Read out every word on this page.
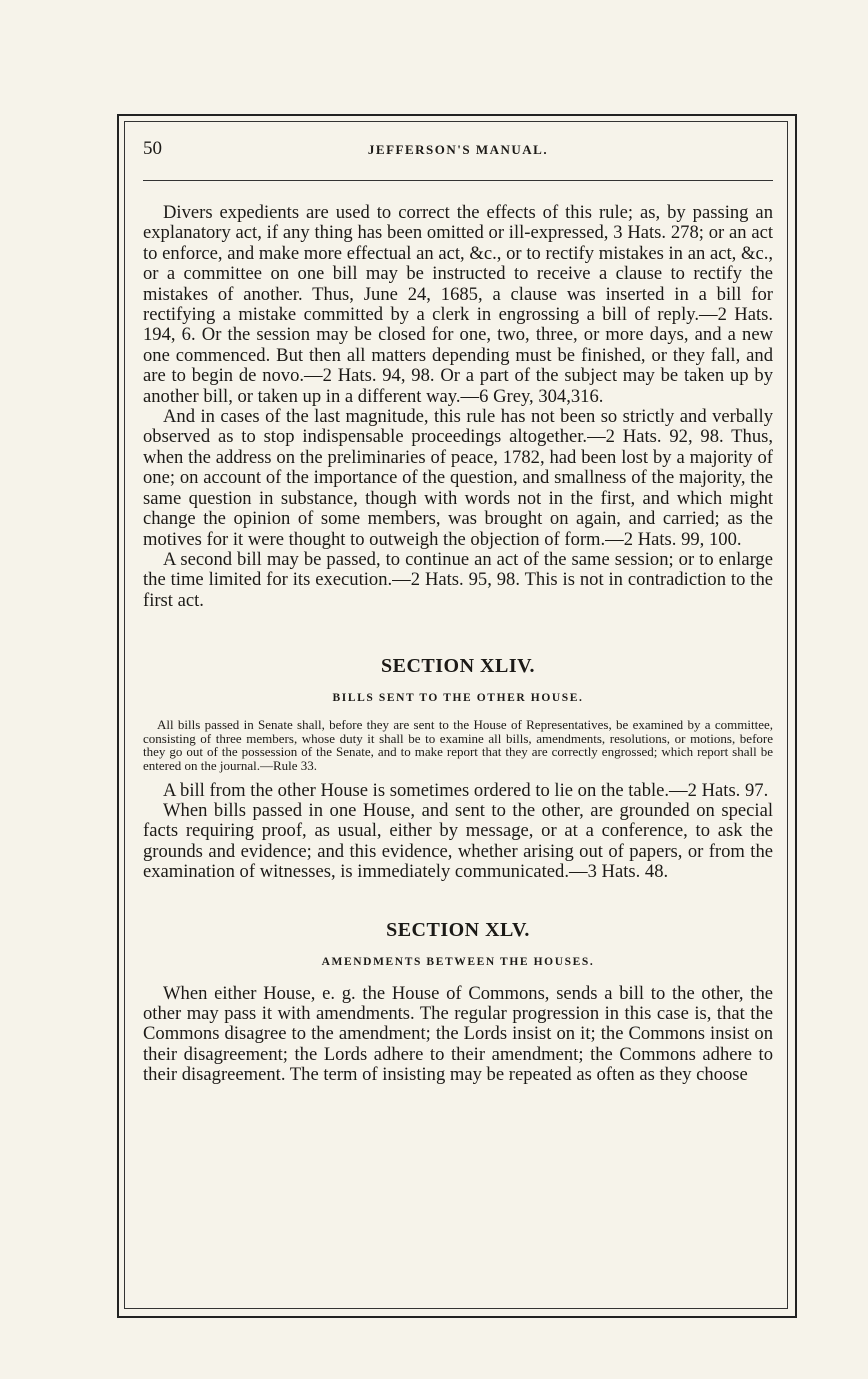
50	JEFFERSON'S MANUAL.

Divers expedients are used to correct the effects of this rule; as, by passing an explanatory act, if any thing has been omitted or ill-expressed, 3 Hats. 278; or an act to enforce, and make more effectual an act, &c., or to rectify mistakes in an act, &c., or a committee on one bill may be instructed to receive a clause to rectify the mistakes of another. Thus, June 24, 1685, a clause was inserted in a bill for rectifying a mistake committed by a clerk in engrossing a bill of reply.—2 Hats. 194, 6. Or the session may be closed for one, two, three, or more days, and a new one commenced. But then all matters depending must be finished, or they fall, and are to begin de novo.—2 Hats. 94, 98. Or a part of the subject may be taken up by another bill, or taken up in a different way.—6 Grey, 304,316.

And in cases of the last magnitude, this rule has not been so strictly and verbally observed as to stop indispensable proceedings altogether.—2 Hats. 92, 98. Thus, when the address on the preliminaries of peace, 1782, had been lost by a majority of one; on account of the importance of the question, and smallness of the majority, the same question in substance, though with words not in the first, and which might change the opinion of some members, was brought on again, and carried; as the motives for it were thought to outweigh the objection of form.—2 Hats. 99, 100.

A second bill may be passed, to continue an act of the same session; or to enlarge the time limited for its execution.—2 Hats. 95, 98. This is not in contradiction to the first act.

SECTION XLIV.

BILLS SENT TO THE OTHER HOUSE.

All bills passed in Senate shall, before they are sent to the House of Representatives, be examined by a committee, consisting of three members, whose duty it shall be to examine all bills, amendments, resolutions, or motions, before they go out of the possession of the Senate, and to make report that they are correctly engrossed; which report shall be entered on the journal.—Rule 33.

A bill from the other House is sometimes ordered to lie on the table.—2 Hats. 97.

When bills passed in one House, and sent to the other, are grounded on special facts requiring proof, as usual, either by message, or at a conference, to ask the grounds and evidence; and this evidence, whether arising out of papers, or from the examination of witnesses, is immediately communicated.—3 Hats. 48.

SECTION XLV.

AMENDMENTS BETWEEN THE HOUSES.

When either House, e. g. the House of Commons, sends a bill to the other, the other may pass it with amendments. The regular progression in this case is, that the Commons disagree to the amendment; the Lords insist on it; the Commons insist on their disagreement; the Lords adhere to their amendment; the Commons adhere to their disagreement. The term of insisting may be repeated as often as they choose
